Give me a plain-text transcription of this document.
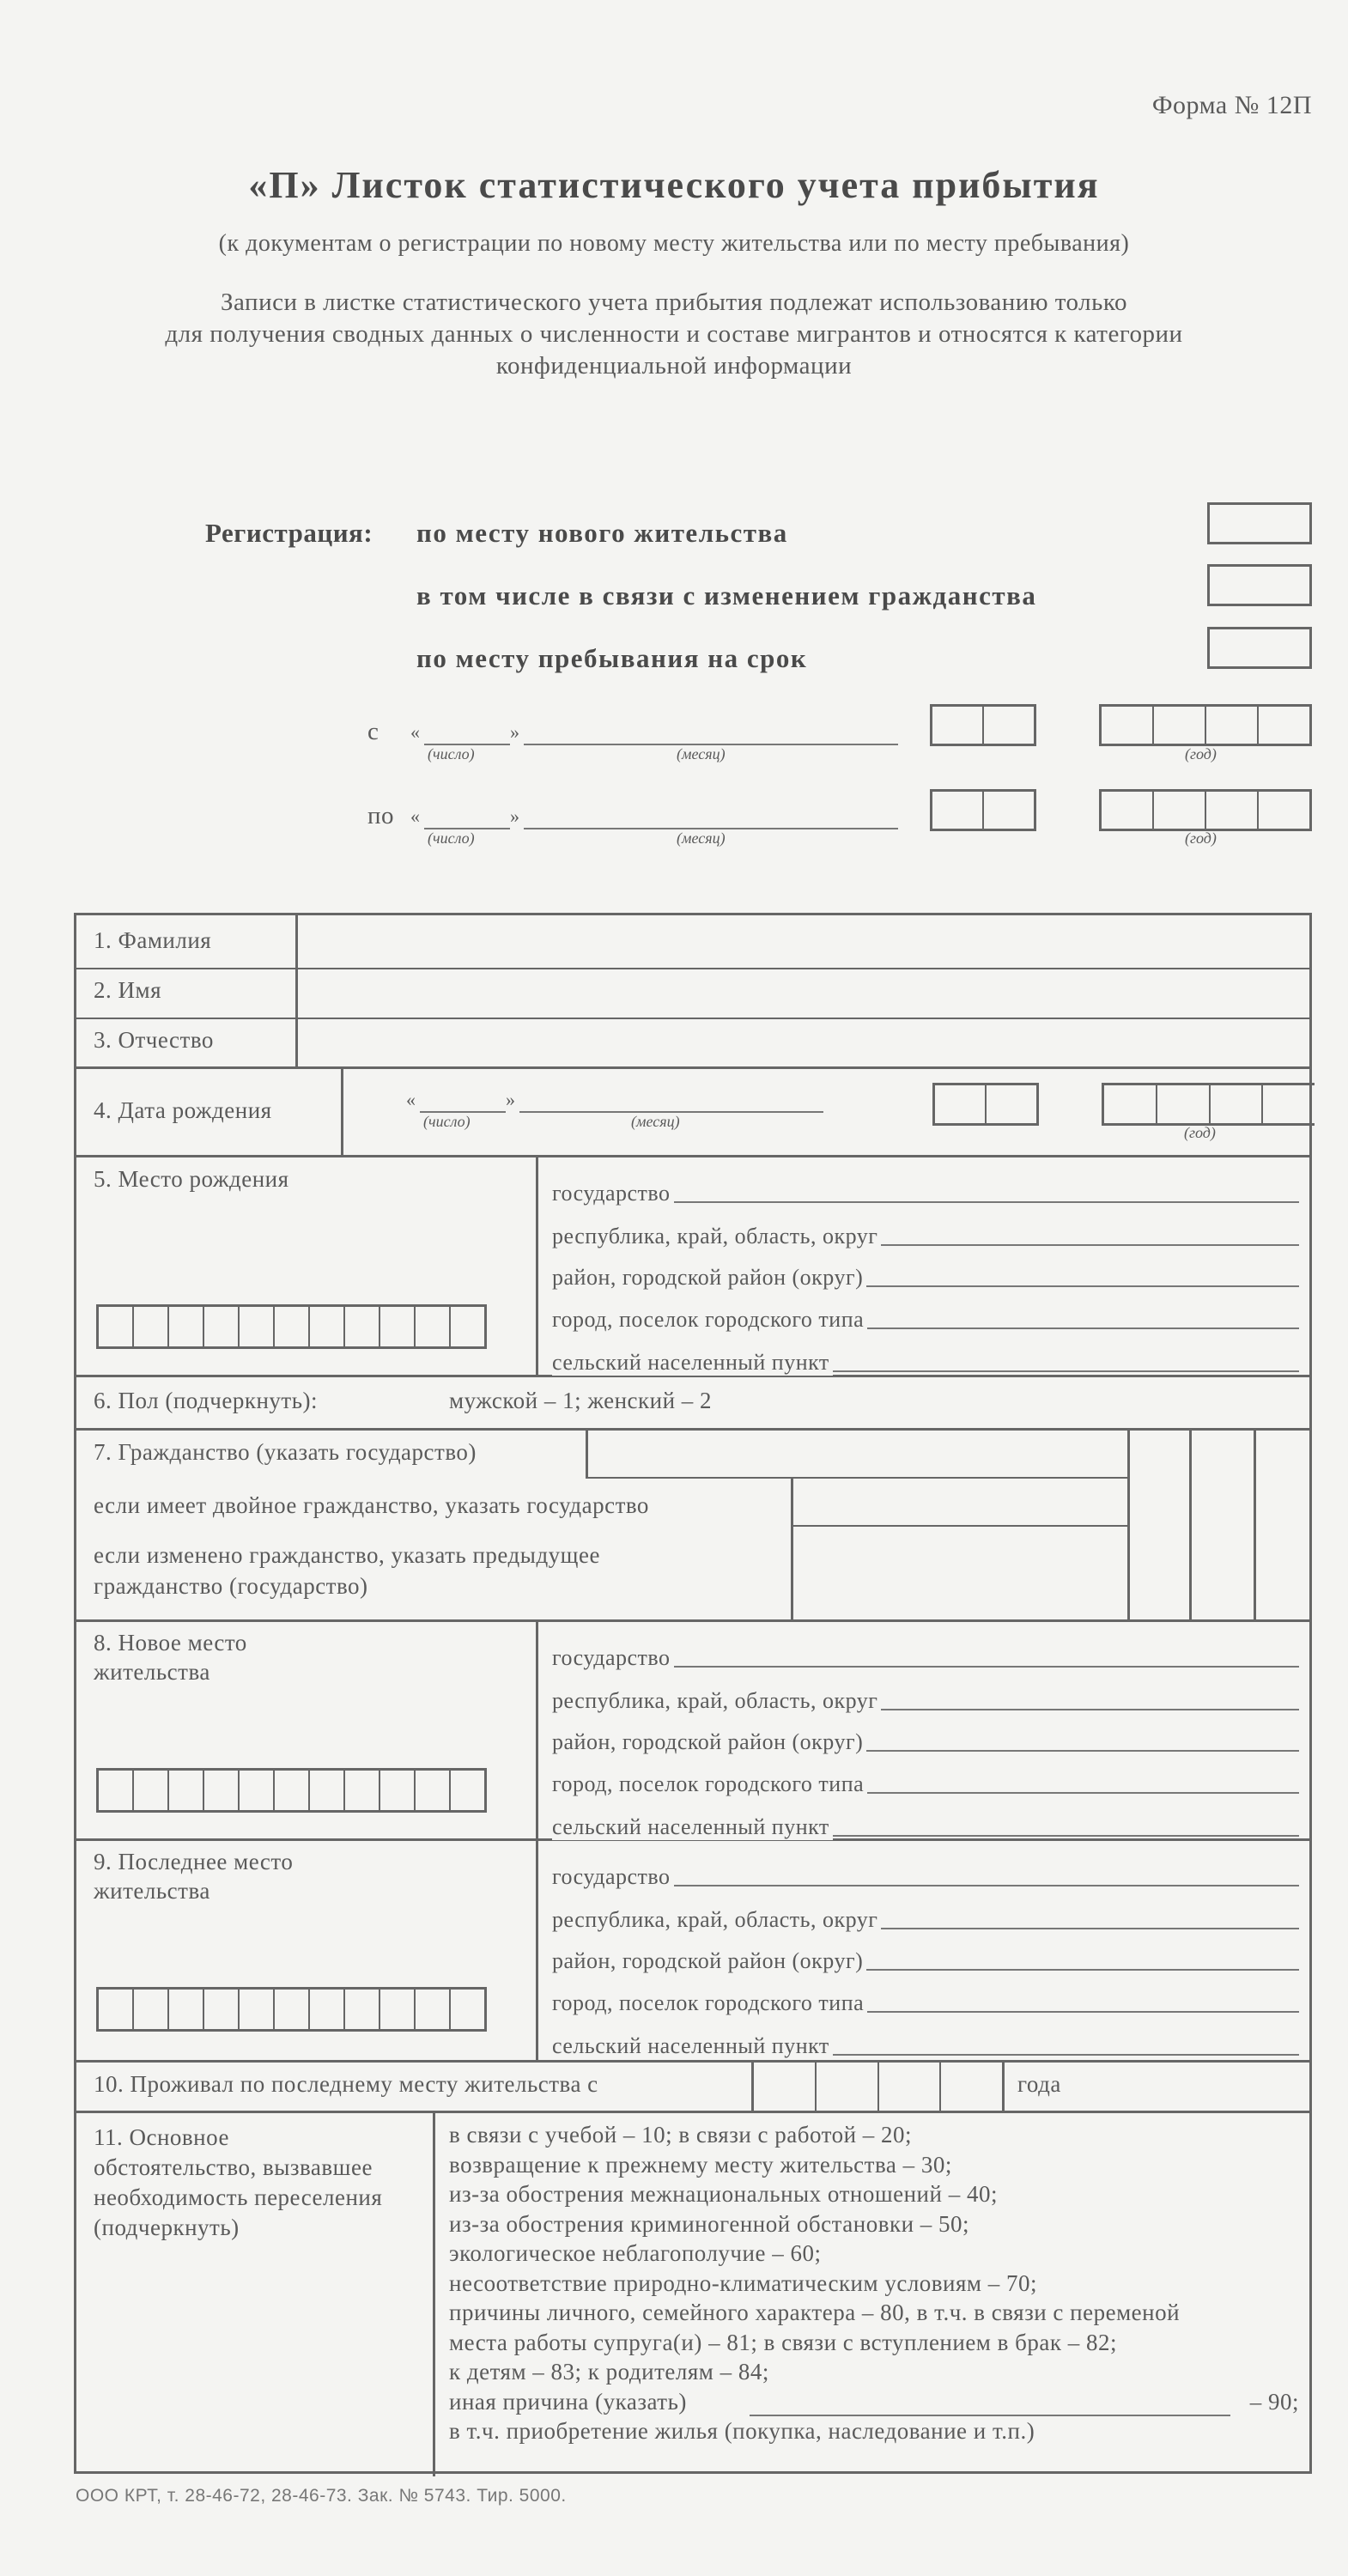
Форма № 12П
«П» Листок статистического учета прибытия
(к документам о регистрации по новому месту жительства или по месту пребывания)
Записи в листке статистического учета прибытия подлежат использованию только
для получения сводных данных о численности и составе мигрантов и относятся к категории
конфиденциальной информации
Регистрация: по месту нового жительства
в том числе в связи с изменением гражданства
по месту пребывания на срок
с «	»
(число)	(месяц)	(год)
по «	»
(число)	(месяц)	(год)
1. Фамилия
2. Имя
3. Отчество
4. Дата рождения	«	»
(число)	(месяц)
(год)
5. Место рождения
государство
республика, край, область, округ
район, городской район (округ)
город, поселок городского типа
сельский населенный пункт
6. Пол (подчеркнуть):	мужской – 1; женский – 2
7. Гражданство (указать государство)
если имеет двойное гражданство, указать государство
если изменено гражданство, указать предыдущее
гражданство (государство)
8. Новое место
жительства
государство
республика, край, область, округ
район, городской район (округ)
город, поселок городского типа
сельский населенный пункт
9. Последнее место
жительства
государство
республика, край, область, округ
район, городской район (округ)
город, поселок городского типа
сельский населенный пункт
10. Проживал по последнему месту жительства с	года
11. Основное
обстоятельство, вызвавшее
необходимость переселения
(подчеркнуть)
в связи с учебой – 10; в связи с работой – 20;
возвращение к прежнему месту жительства – 30;
из-за обострения межнациональных отношений – 40;
из-за обострения криминогенной обстановки – 50;
экологическое неблагополучие – 60;
несоответствие природно-климатическим условиям – 70;
причины личного, семейного характера – 80, в т.ч. в связи с переменой
места работы супруга(и) – 81; в связи с вступлением в брак – 82;
к детям – 83; к родителям – 84;
иная причина (указать)	– 90;
в т.ч. приобретение жилья (покупка, наследование и т.п.)
ООО КРТ, т. 28-46-72, 28-46-73. Зак. № 5743. Тир. 5000.
